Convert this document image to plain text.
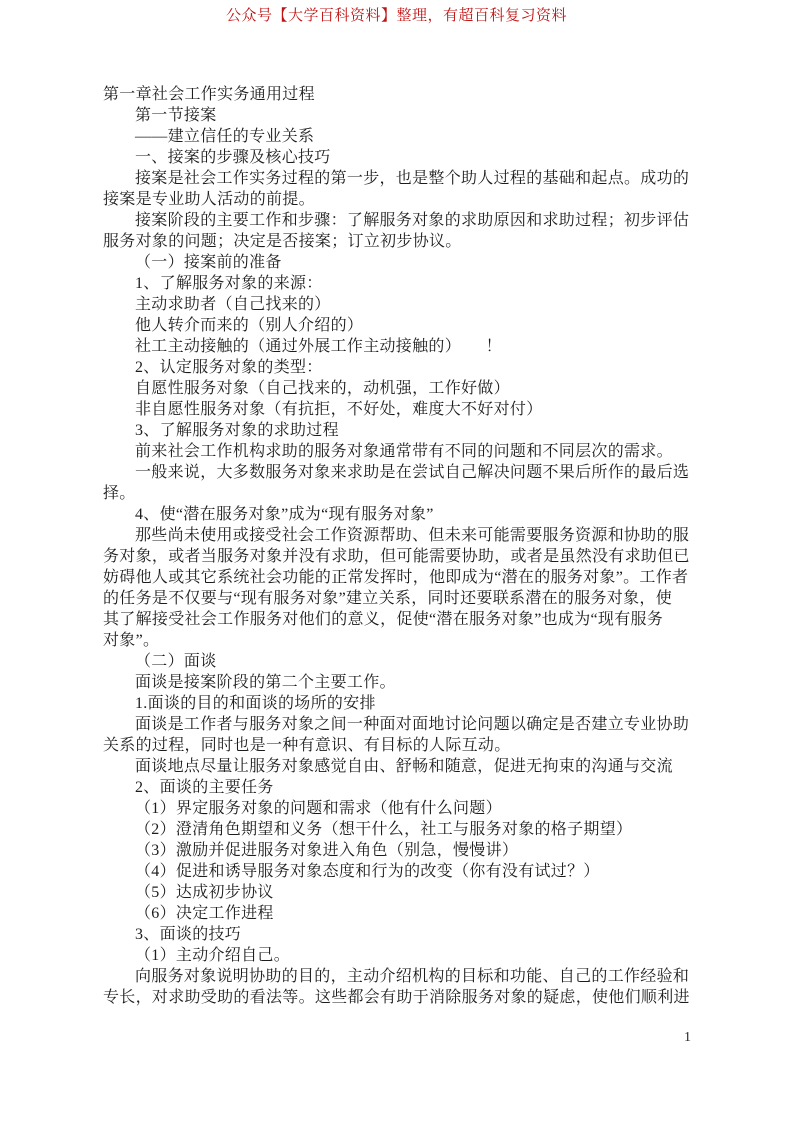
公众号【大学百科资料】整理，有超百科复习资料
第一章社会工作实务通用过程
第一节接案
——建立信任的专业关系
一、接案的步骤及核心技巧
接案是社会工作实务过程的第一步，也是整个助人过程的基础和起点。成功的
接案是专业助人活动的前提。
接案阶段的主要工作和步骤：了解服务对象的求助原因和求助过程；初步评估
服务对象的问题；决定是否接案；订立初步协议。
（一）接案前的准备
1、了解服务对象的来源：
主动求助者（自己找来的）
他人转介而来的（别人介绍的）
社工主动接触的（通过外展工作主动接触的）　　！
2、认定服务对象的类型：
自愿性服务对象（自己找来的，动机强，工作好做）
非自愿性服务对象（有抗拒，不好处，难度大不好对付）
3、了解服务对象的求助过程
前来社会工作机构求助的服务对象通常带有不同的问题和不同层次的需求。
一般来说，大多数服务对象来求助是在尝试自己解决问题不果后所作的最后选
择。
4、使“潜在服务对象”成为“现有服务对象”
那些尚未使用或接受社会工作资源帮助、但未来可能需要服务资源和协助的服
务对象，或者当服务对象并没有求助，但可能需要协助，或者是虽然没有求助但已
妨碍他人或其它系统社会功能的正常发挥时，他即成为“潜在的服务对象”。工作者
的任务是不仅要与“现有服务对象”建立关系，同时还要联系潜在的服务对象，使
其了解接受社会工作服务对他们的意义，促使“潜在服务对象”也成为“现有服务
对象”。
（二）面谈
面谈是接案阶段的第二个主要工作。
1.面谈的目的和面谈的场所的安排
面谈是工作者与服务对象之间一种面对面地讨论问题以确定是否建立专业协助
关系的过程，同时也是一种有意识、有目标的人际互动。
面谈地点尽量让服务对象感觉自由、舒畅和随意，促进无拘束的沟通与交流
2、面谈的主要任务
（1）界定服务对象的问题和需求（他有什么问题）
（2）澄清角色期望和义务（想干什么，社工与服务对象的格子期望）
（3）激励并促进服务对象进入角色（别急，慢慢讲）
（4）促进和诱导服务对象态度和行为的改变（你有没有试过？）
（5）达成初步协议
（6）决定工作进程
3、面谈的技巧
（1）主动介绍自己。
向服务对象说明协助的目的，主动介绍机构的目标和功能、自己的工作经验和
专长，对求助受助的看法等。这些都会有助于消除服务对象的疑虑，使他们顺利进
1
